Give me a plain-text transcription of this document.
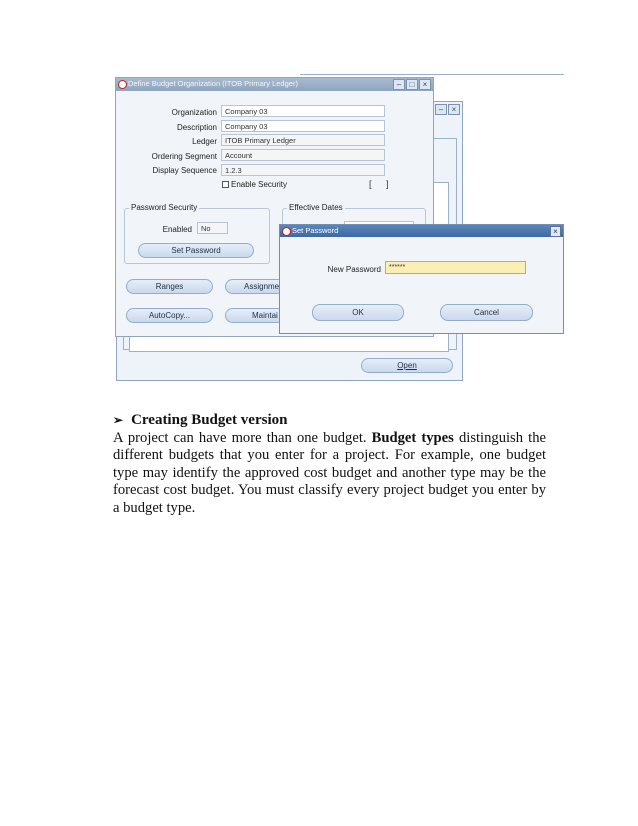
– ×
Open
Define Budget Organization (ITOB Primary Ledger)	– □ ×
Organization	Company 03
Description	Company 03
Ledger	ITOB Primary Ledger
Ordering Segment	Account
Display Sequence	1.2.3
Enable Security	[ ]
Password Security
Enabled	No
Set Password
Effective Dates
Ranges	Assignme
AutoCopy...	Maintai
Set Password	×
New Password	******
OK	Cancel
➢ Creating Budget version
A project can have more than one budget. Budget types distinguish the different budgets that you enter for a project. For example, one budget type may identify the approved cost budget and another type may be the forecast cost budget. You must classify every project budget you enter by a budget type.
